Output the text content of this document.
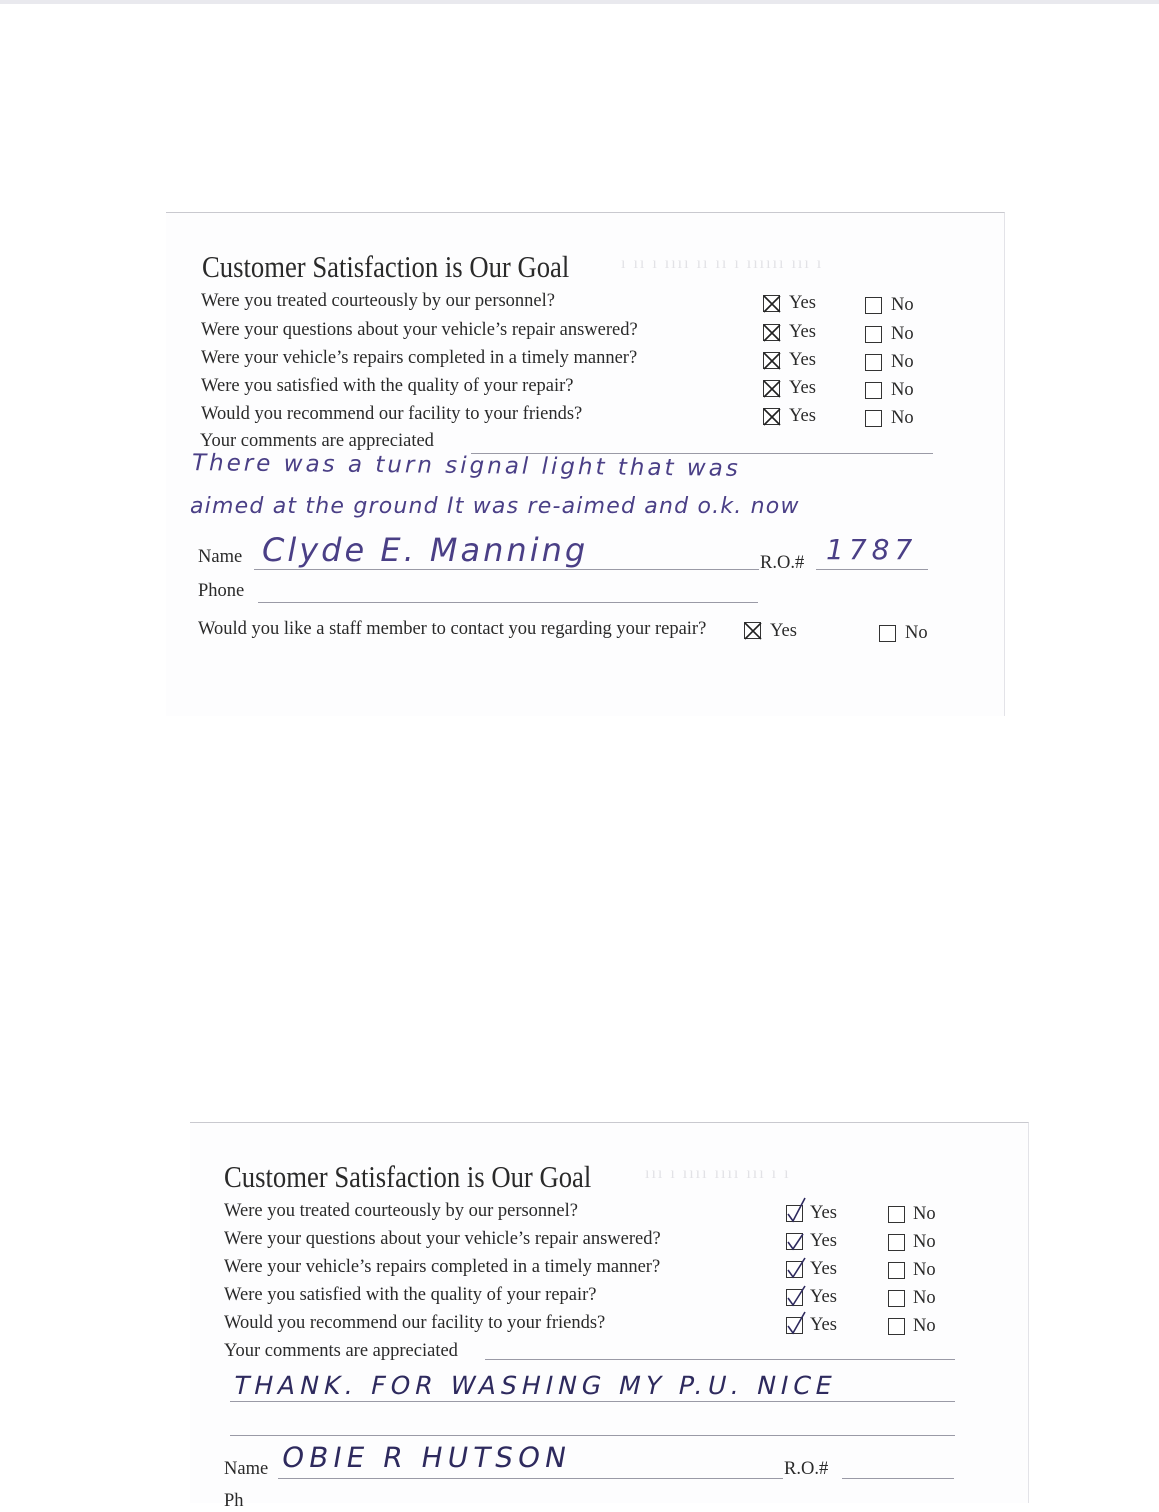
ı ıı ı ıııı ıı ıı ı ıııııı ııı ı
Customer Satisfaction is Our Goal
Were you treated courteously by our personnel?	Yes	No
Were your questions about your vehicle’s repair answered?	Yes	No
Were your vehicle’s repairs completed in a timely manner?	Yes	No
Were you satisfied with the quality of your repair?	Yes	No
Would you recommend our facility to your friends?	Yes	No
Your comments are appreciated
There was a turn signal light that was
aimed at the ground It was re-aimed and o.k. now
Name Clyde E. Manning	R.O.# 1787
Phone
Would you like a staff member to contact you regarding your repair?	Yes	No
ııı ı ıııı ıııı ııı ı ı
Customer Satisfaction is Our Goal
Were you treated courteously by our personnel?	Yes	No
Were your questions about your vehicle’s repair answered?	Yes	No
Were your vehicle’s repairs completed in a timely manner?	Yes	No
Were you satisfied with the quality of your repair?	Yes	No
Would you recommend our facility to your friends?	Yes	No
Your comments are appreciated
THANK. FOR WASHING MY P.U. NICE
Name OBIE R HUTSON	R.O.#
Ph
